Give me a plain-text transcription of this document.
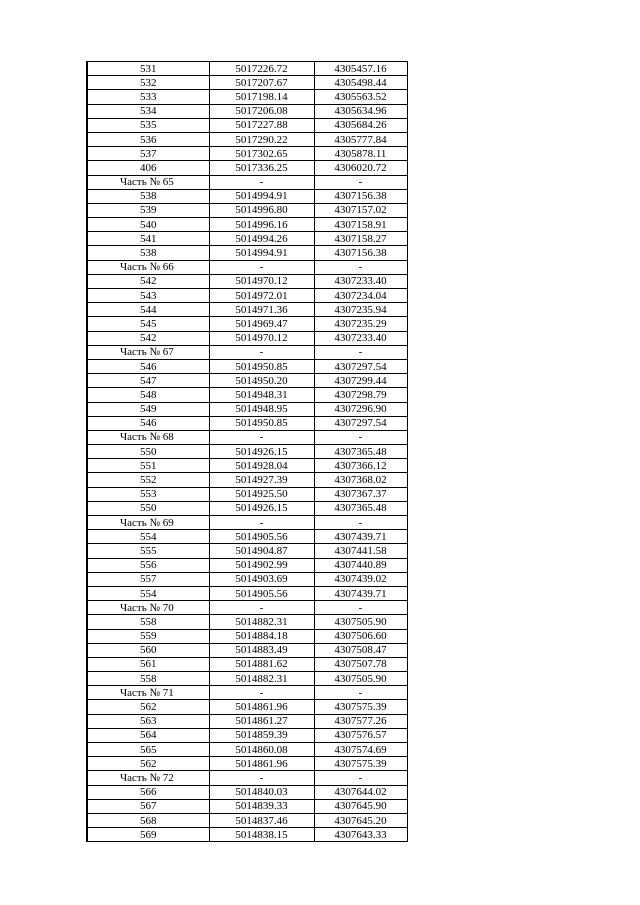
531	5017226.72	4305457.16
532	5017207.67	4305498.44
533	5017198.14	4305563.52
534	5017206.08	4305634.96
535	5017227.88	4305684.26
536	5017290.22	4305777.84
537	5017302.65	4305878.11
406	5017336.25	4306020.72
Часть № 65	-	-
538	5014994.91	4307156.38
539	5014996.80	4307157.02
540	5014996.16	4307158.91
541	5014994.26	4307158.27
538	5014994.91	4307156.38
Часть № 66	-	-
542	5014970.12	4307233.40
543	5014972.01	4307234.04
544	5014971.36	4307235.94
545	5014969.47	4307235.29
542	5014970.12	4307233.40
Часть № 67	-	-
546	5014950.85	4307297.54
547	5014950.20	4307299.44
548	5014948.31	4307298.79
549	5014948.95	4307296.90
546	5014950.85	4307297.54
Часть № 68	-	-
550	5014926.15	4307365.48
551	5014928.04	4307366.12
552	5014927.39	4307368.02
553	5014925.50	4307367.37
550	5014926.15	4307365.48
Часть № 69	-	-
554	5014905.56	4307439.71
555	5014904.87	4307441.58
556	5014902.99	4307440.89
557	5014903.69	4307439.02
554	5014905.56	4307439.71
Часть № 70	-	-
558	5014882.31	4307505.90
559	5014884.18	4307506.60
560	5014883.49	4307508.47
561	5014881.62	4307507.78
558	5014882.31	4307505.90
Часть № 71	-	-
562	5014861.96	4307575.39
563	5014861.27	4307577.26
564	5014859.39	4307576.57
565	5014860.08	4307574.69
562	5014861.96	4307575.39
Часть № 72	-	-
566	5014840.03	4307644.02
567	5014839.33	4307645.90
568	5014837.46	4307645.20
569	5014838.15	4307643.33
